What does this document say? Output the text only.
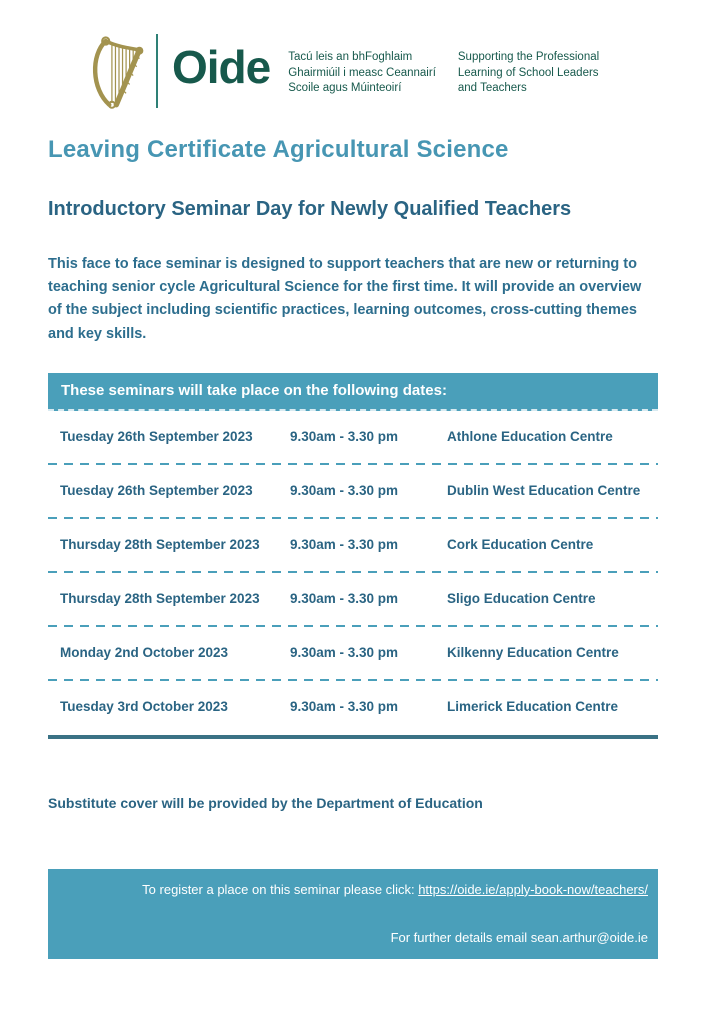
Oide Tacú leis an bhFoghlaim
Ghairmiúil i measc Ceannairí
Scoile agus Múinteoirí
Supporting the Professional
Learning of School Leaders
and Teachers
Leaving Certificate Agricultural Science
Introductory Seminar Day for Newly Qualified Teachers

This face to face seminar is designed to support teachers that are new or returning to teaching senior cycle Agricultural Science for the first time. It will provide an overview of the subject including scientific practices, learning outcomes, cross-cutting themes and key skills.

These seminars will take place on the following dates:
Tuesday 26th September 2023	9.30am - 3.30 pm	Athlone Education Centre
Tuesday 26th September 2023	9.30am - 3.30 pm	Dublin West Education Centre
Thursday 28th September 2023	9.30am - 3.30 pm	Cork Education Centre
Thursday 28th September 2023	9.30am - 3.30 pm	Sligo Education Centre
Monday 2nd October 2023	9.30am - 3.30 pm	Kilkenny Education Centre
Tuesday 3rd October 2023	9.30am - 3.30 pm	Limerick Education Centre

Substitute cover will be provided by the Department of Education

To register a place on this seminar please click: https://oide.ie/apply-book-now/teachers/
For further details email sean.arthur@oide.ie
